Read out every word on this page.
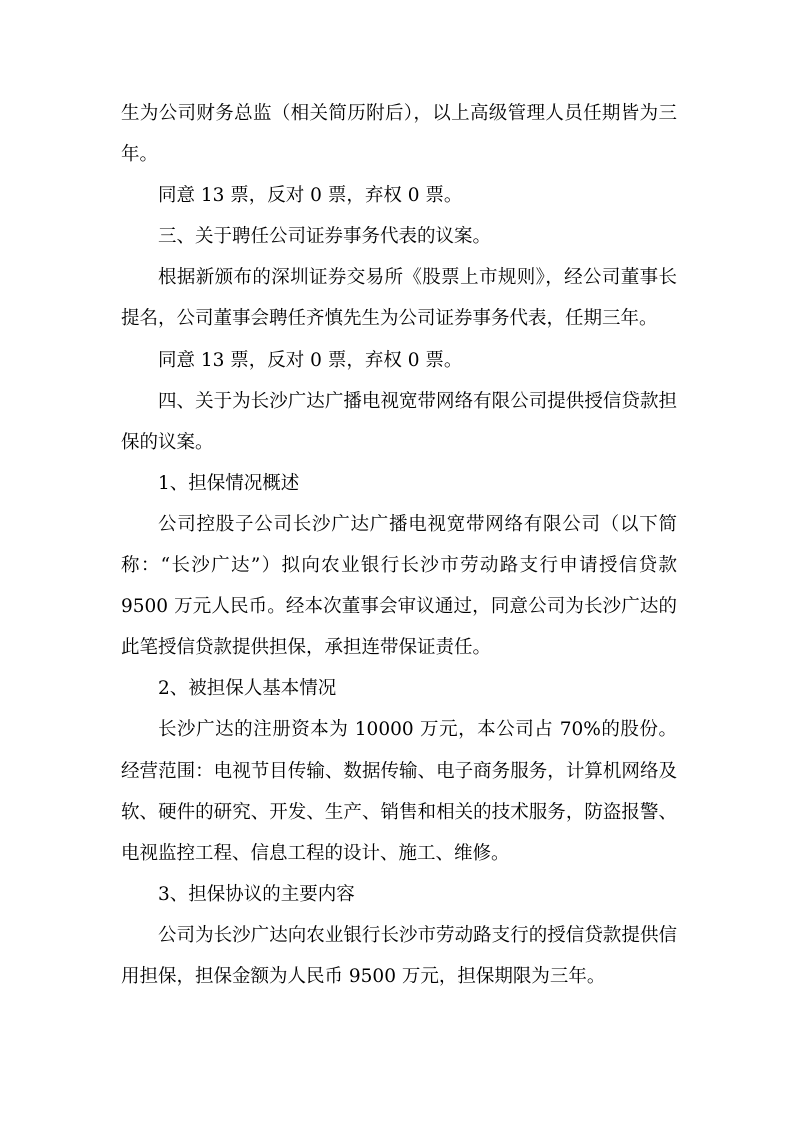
生为公司财务总监（相关简历附后），以上高级管理人员任期皆为三年。

同意 13 票，反对 0 票，弃权 0 票。

三、关于聘任公司证券事务代表的议案。

根据新颁布的深圳证券交易所《股票上市规则》，经公司董事长提名，公司董事会聘任齐慎先生为公司证券事务代表，任期三年。

同意 13 票，反对 0 票，弃权 0 票。

四、关于为长沙广达广播电视宽带网络有限公司提供授信贷款担保的议案。

1、担保情况概述

公司控股子公司长沙广达广播电视宽带网络有限公司（以下简称：“长沙广达”）拟向农业银行长沙市劳动路支行申请授信贷款 9500 万元人民币。经本次董事会审议通过，同意公司为长沙广达的此笔授信贷款提供担保，承担连带保证责任。

2、被担保人基本情况

长沙广达的注册资本为 10000 万元，本公司占 70%的股份。经营范围：电视节目传输、数据传输、电子商务服务，计算机网络及软、硬件的研究、开发、生产、销售和相关的技术服务，防盗报警、电视监控工程、信息工程的设计、施工、维修。

3、担保协议的主要内容

公司为长沙广达向农业银行长沙市劳动路支行的授信贷款提供信用担保，担保金额为人民币 9500 万元，担保期限为三年。
